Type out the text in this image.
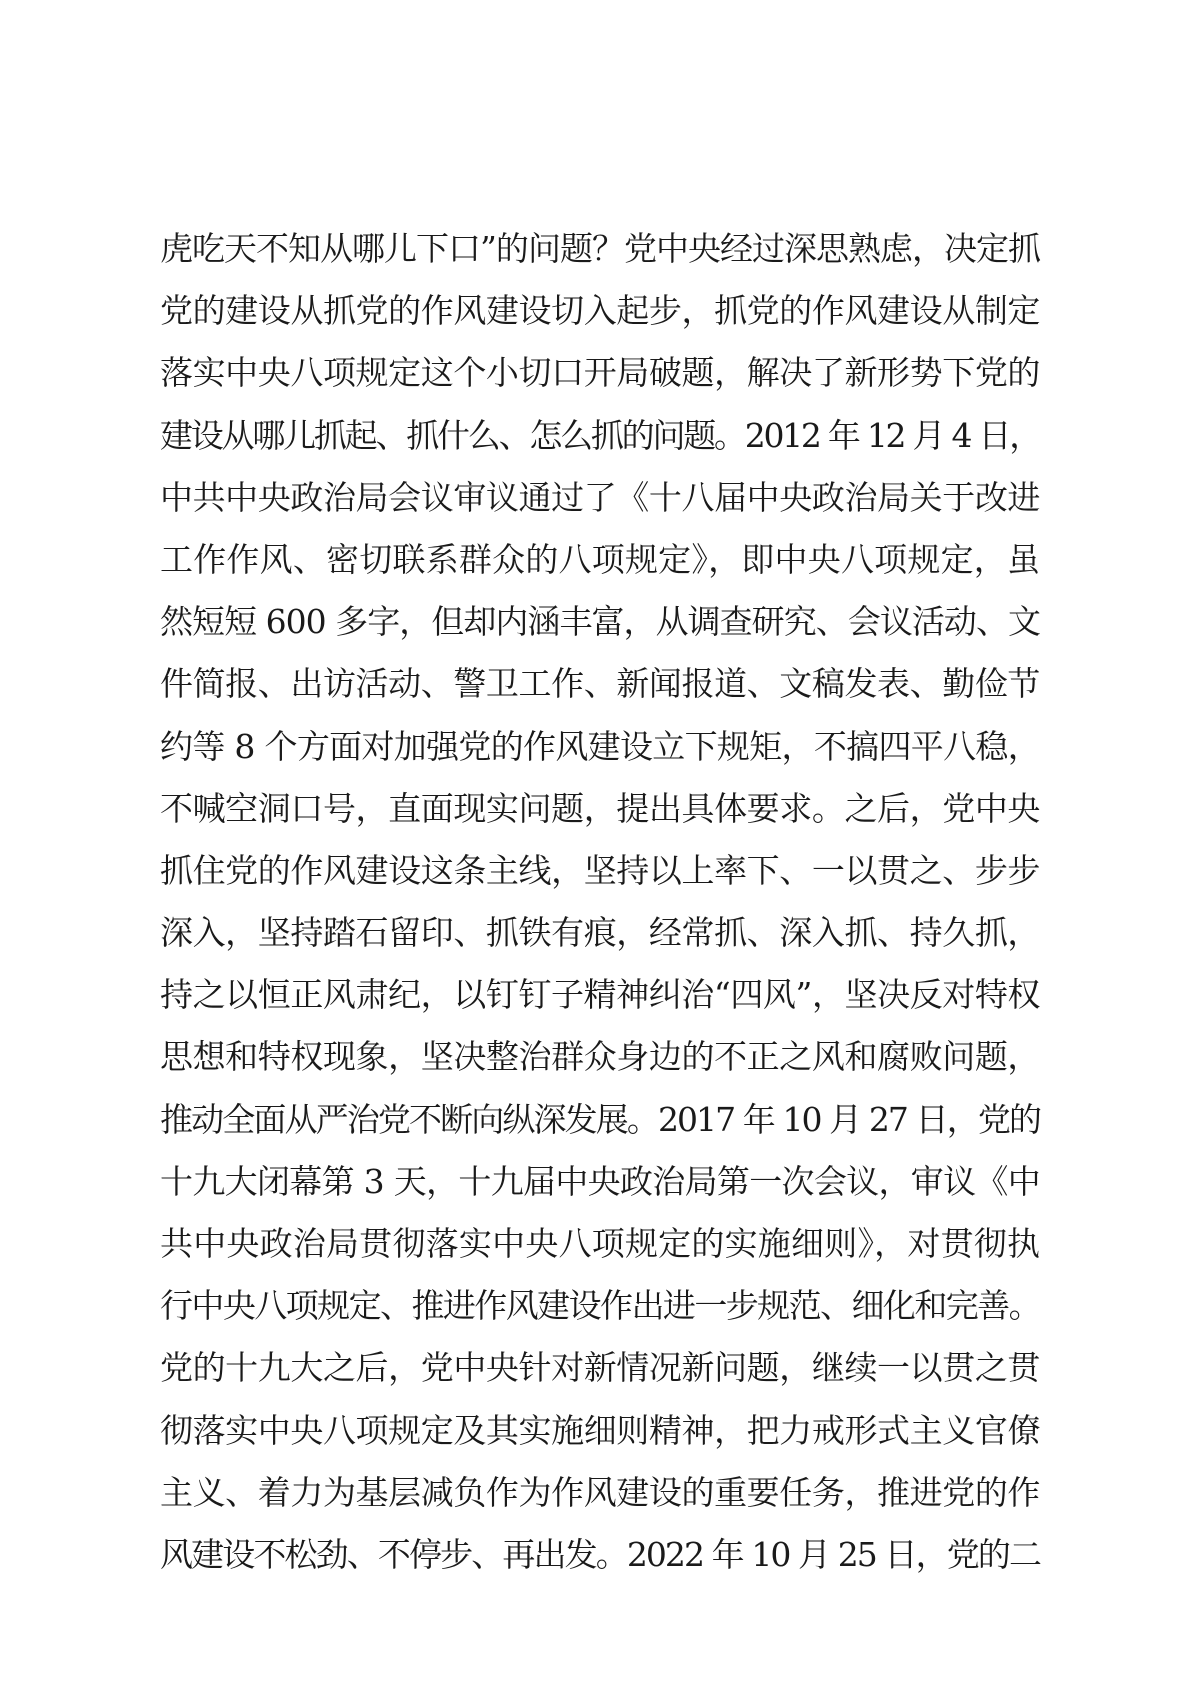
虎吃天不知从哪儿下口”的问题？党中央经过深思熟虑，决定抓
党的建设从抓党的作风建设切入起步，抓党的作风建设从制定
落实中央八项规定这个小切口开局破题，解决了新形势下党的
建设从哪儿抓起、抓什么、怎么抓的问题。2012 年 12 月 4 日，
中共中央政治局会议审议通过了《十八届中央政治局关于改进
工作作风、密切联系群众的八项规定》，即中央八项规定，虽
然短短 600 多字，但却内涵丰富，从调查研究、会议活动、文
件简报、出访活动、警卫工作、新闻报道、文稿发表、勤俭节
约等 8 个方面对加强党的作风建设立下规矩，不搞四平八稳，
不喊空洞口号，直面现实问题，提出具体要求。之后，党中央
抓住党的作风建设这条主线，坚持以上率下、一以贯之、步步
深入，坚持踏石留印、抓铁有痕，经常抓、深入抓、持久抓，
持之以恒正风肃纪，以钉钉子精神纠治“四风”，坚决反对特权
思想和特权现象，坚决整治群众身边的不正之风和腐败问题，
推动全面从严治党不断向纵深发展。2017 年 10 月 27 日，党的
十九大闭幕第 3 天，十九届中央政治局第一次会议，审议《中
共中央政治局贯彻落实中央八项规定的实施细则》，对贯彻执
行中央八项规定、推进作风建设作出进一步规范、细化和完善。
党的十九大之后，党中央针对新情况新问题，继续一以贯之贯
彻落实中央八项规定及其实施细则精神，把力戒形式主义官僚
主义、着力为基层减负作为作风建设的重要任务，推进党的作
风建设不松劲、不停步、再出发。2022 年 10 月 25 日，党的二
